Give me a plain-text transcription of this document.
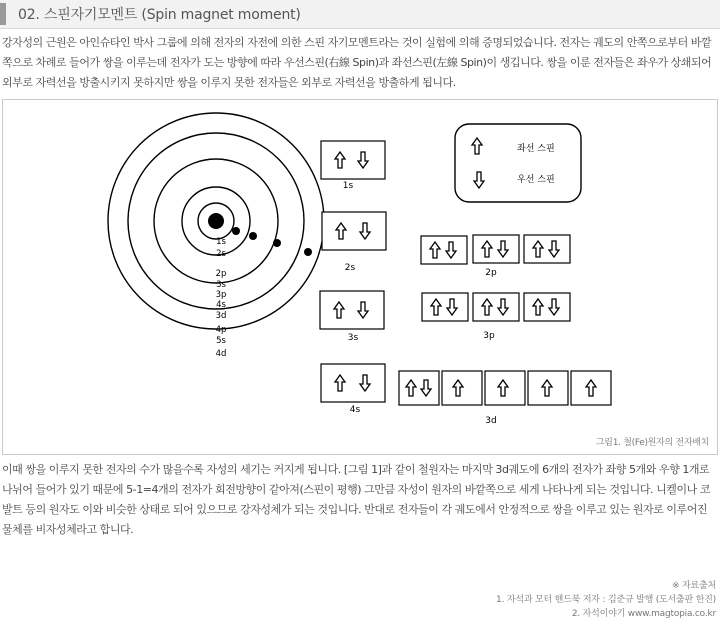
02. 스핀자기모멘트 (Spin magnet moment)

강자성의 근원은 아인슈타인 박사 그룹에 의해 전자의 자전에 의한 스핀 자기모멘트라는 것이 실험에 의해 증명되었습니다. 전자는 궤도의 안쪽으로부터 바깥쪽으로 차례로 들어가 쌍을 이루는데 전자가 도는 방향에 따라 우선스핀(右線 Spin)과 좌선스핀(左線 Spin)이 생깁니다. 쌍을 이룬 전자들은 좌우가 상쇄되어 외부로 자력선을 방출시키지 못하지만 쌍을 이루지 못한 전자들은 외부로 자력선을 방출하게 됩니다.

1s
2s
2p
3s
3p
4s
3d
4p
5s
4d
좌선 스핀
우선 스핀
1s
2s
3s
4s
2p
3p
3d
그림1. 철(Fe)원자의 전자배치

이때 쌍을 이루지 못한 전자의 수가 많을수록 자성의 세기는 커지게 됩니다. [그림 1]과 같이 철원자는 마지막 3d궤도에 6개의 전자가 좌향 5개와 우향 1개로 나뉘어 들어가 있기 때문에 5-1=4개의 전자가 회전방향이 같아져(스핀이 평행) 그만큼 자성이 원자의 바깥쪽으로 세게 나타나게 되는 것입니다. 니켈이나 코발트 등의 원자도 이와 비슷한 상태로 되어 있으므로 강자성체가 되는 것입니다. 반대로 전자들이 각 궤도에서 안정적으로 쌍을 이루고 있는 원자로 이루어진 물체를 비자성체라고 합니다.

※ 자료출처
1. 자석과 모터 핸드북 저자 : 김준규 발행 (도서출판 한진)
2. 자석이야기 www.magtopia.co.kr
